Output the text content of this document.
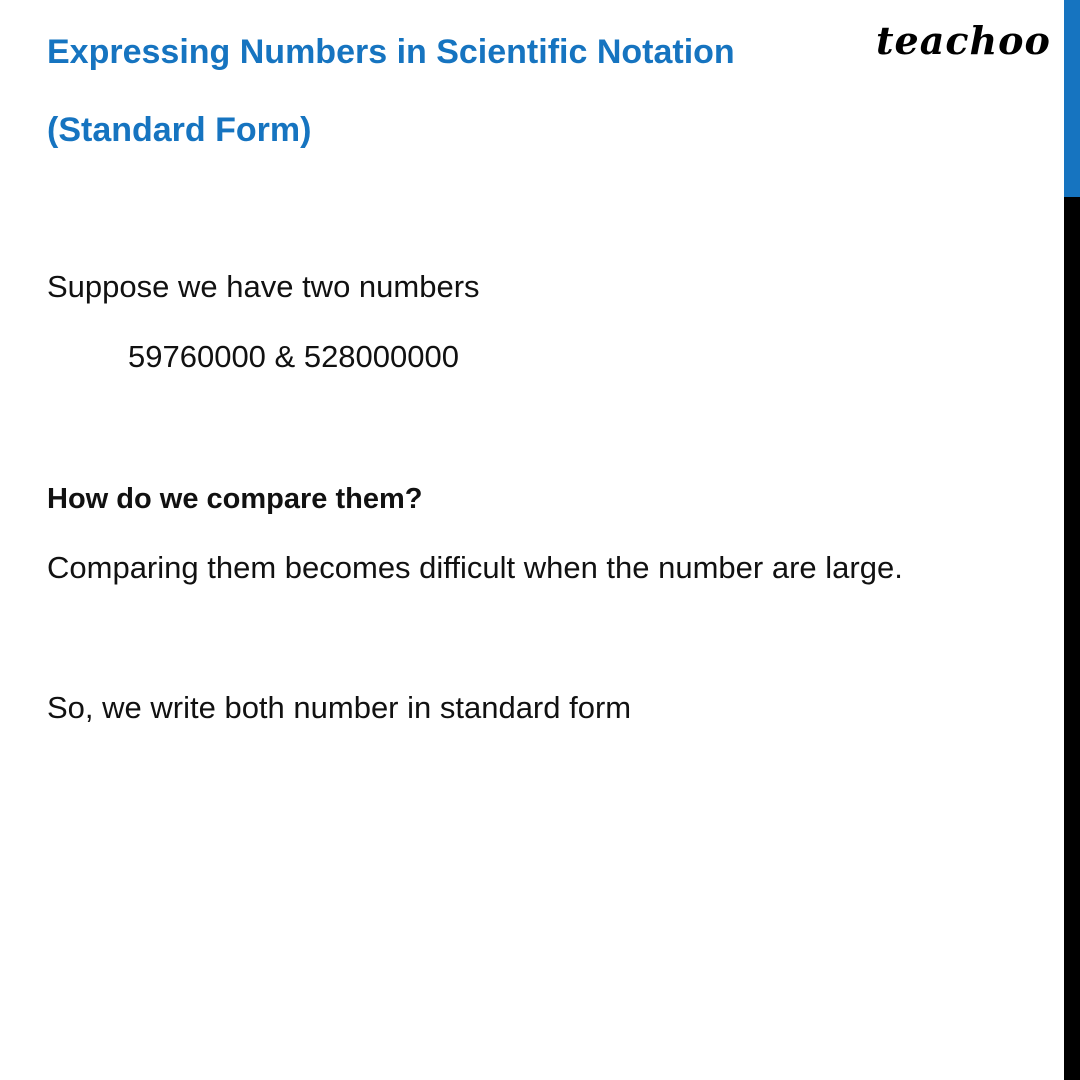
Expressing Numbers in Scientific Notation
(Standard Form)
teachoo

Suppose we have two numbers

59760000 & 528000000

How do we compare them?

Comparing them becomes difficult when the number are large.

So, we write both number in standard form
